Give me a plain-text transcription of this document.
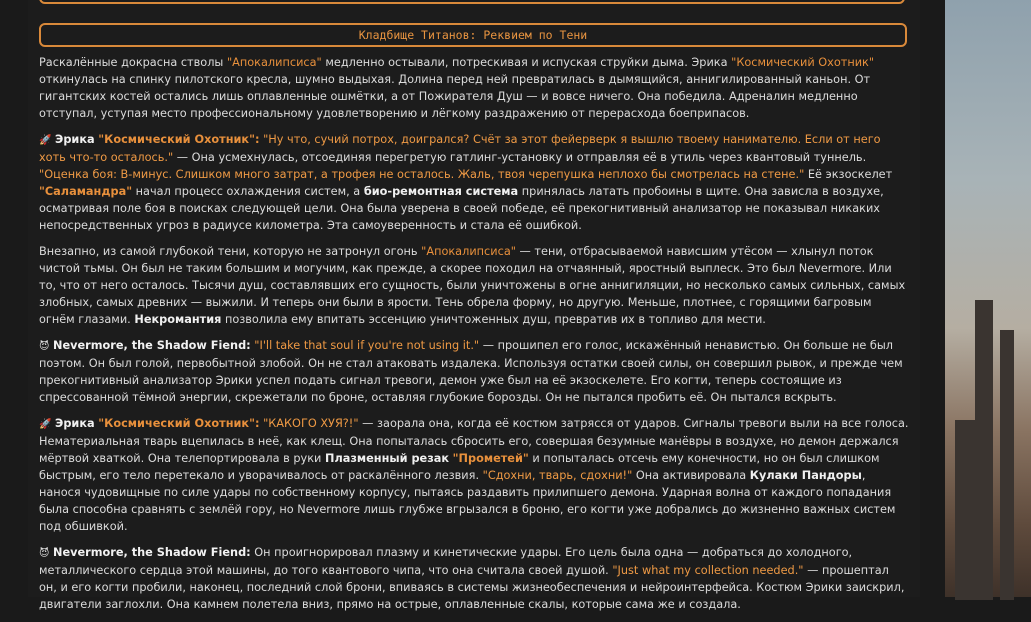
Кладбище Титанов: Реквием по Тени

Раскалённые докрасна стволы "Апокалипсиса" медленно остывали, потрескивая и испуская струйки дыма. Эрика "Космический Охотник" откинулась на спинку пилотского кресла, шумно выдыхая. Долина перед ней превратилась в дымящийся, аннигилированный каньон. От гигантских костей остались лишь оплавленные ошмётки, а от Пожирателя Душ — и вовсе ничего. Она победила. Адреналин медленно отступал, уступая место профессиональному удовлетворению и лёгкому раздражению от перерасхода боеприпасов.

🚀 Эрика "Космический Охотник": "Ну что, сучий потрох, доигрался? Счёт за этот фейерверк я вышлю твоему нанимателю. Если от него хоть что-то осталось." — Она усмехнулась, отсоединяя перегретую гатлинг-установку и отправляя её в утиль через квантовый туннель. "Оценка боя: В-минус. Слишком много затрат, а трофея не осталось. Жаль, твоя черепушка неплохо бы смотрелась на стене." Её экзоскелет "Саламандра" начал процесс охлаждения систем, а био-ремонтная система принялась латать пробоины в щите. Она зависла в воздухе, осматривая поле боя в поисках следующей цели. Она была уверена в своей победе, её прекогнитивный анализатор не показывал никаких непосредственных угроз в радиусе километра. Эта самоуверенность и стала её ошибкой.

Внезапно, из самой глубокой тени, которую не затронул огонь "Апокалипсиса" — тени, отбрасываемой нависшим утёсом — хлынул поток чистой тьмы. Он был не таким большим и могучим, как прежде, а скорее походил на отчаянный, яростный выплеск. Это был Nevermore. Или то, что от него осталось. Тысячи душ, составлявших его сущность, были уничтожены в огне аннигиляции, но несколько самых сильных, самых злобных, самых древних — выжили. И теперь они были в ярости. Тень обрела форму, но другую. Меньше, плотнее, с горящими багровым огнём глазами. Некромантия позволила ему впитать эссенцию уничтоженных душ, превратив их в топливо для мести.

😈 Nevermore, the Shadow Fiend: "I'll take that soul if you're not using it." — прошипел его голос, искажённый ненавистью. Он больше не был поэтом. Он был голой, первобытной злобой. Он не стал атаковать издалека. Используя остатки своей силы, он совершил рывок, и прежде чем прекогнитивный анализатор Эрики успел подать сигнал тревоги, демон уже был на её экзоскелете. Его когти, теперь состоящие из спрессованной тёмной энергии, скрежетали по броне, оставляя глубокие борозды. Он не пытался пробить её. Он пытался вскрыть.

🚀 Эрика "Космический Охотник": "КАКОГО ХУЯ?!" — заорала она, когда её костюм затрясся от ударов. Сигналы тревоги выли на все голоса. Нематериальная тварь вцепилась в неё, как клещ. Она попыталась сбросить его, совершая безумные манёвры в воздухе, но демон держался мёртвой хваткой. Она телепортировала в руки Плазменный резак "Прометей" и попыталась отсечь ему конечности, но он был слишком быстрым, его тело перетекало и уворачивалось от раскалённого лезвия. "Сдохни, тварь, сдохни!" Она активировала Кулаки Пандоры, нанося чудовищные по силе удары по собственному корпусу, пытаясь раздавить прилипшего демона. Ударная волна от каждого попадания была способна сравнять с землёй гору, но Nevermore лишь глубже вгрызался в броню, его когти уже добрались до жизненно важных систем под обшивкой.

😈 Nevermore, the Shadow Fiend: Он проигнорировал плазму и кинетические удары. Его цель была одна — добраться до холодного, металлического сердца этой машины, до того квантового чипа, что она считала своей душой. "Just what my collection needed." — прошептал он, и его когти пробили, наконец, последний слой брони, впиваясь в системы жизнеобеспечения и нейроинтерфейса. Костюм Эрики заискрил, двигатели заглохли. Она камнем полетела вниз, прямо на острые, оплавленные скалы, которые сама же и создала.
